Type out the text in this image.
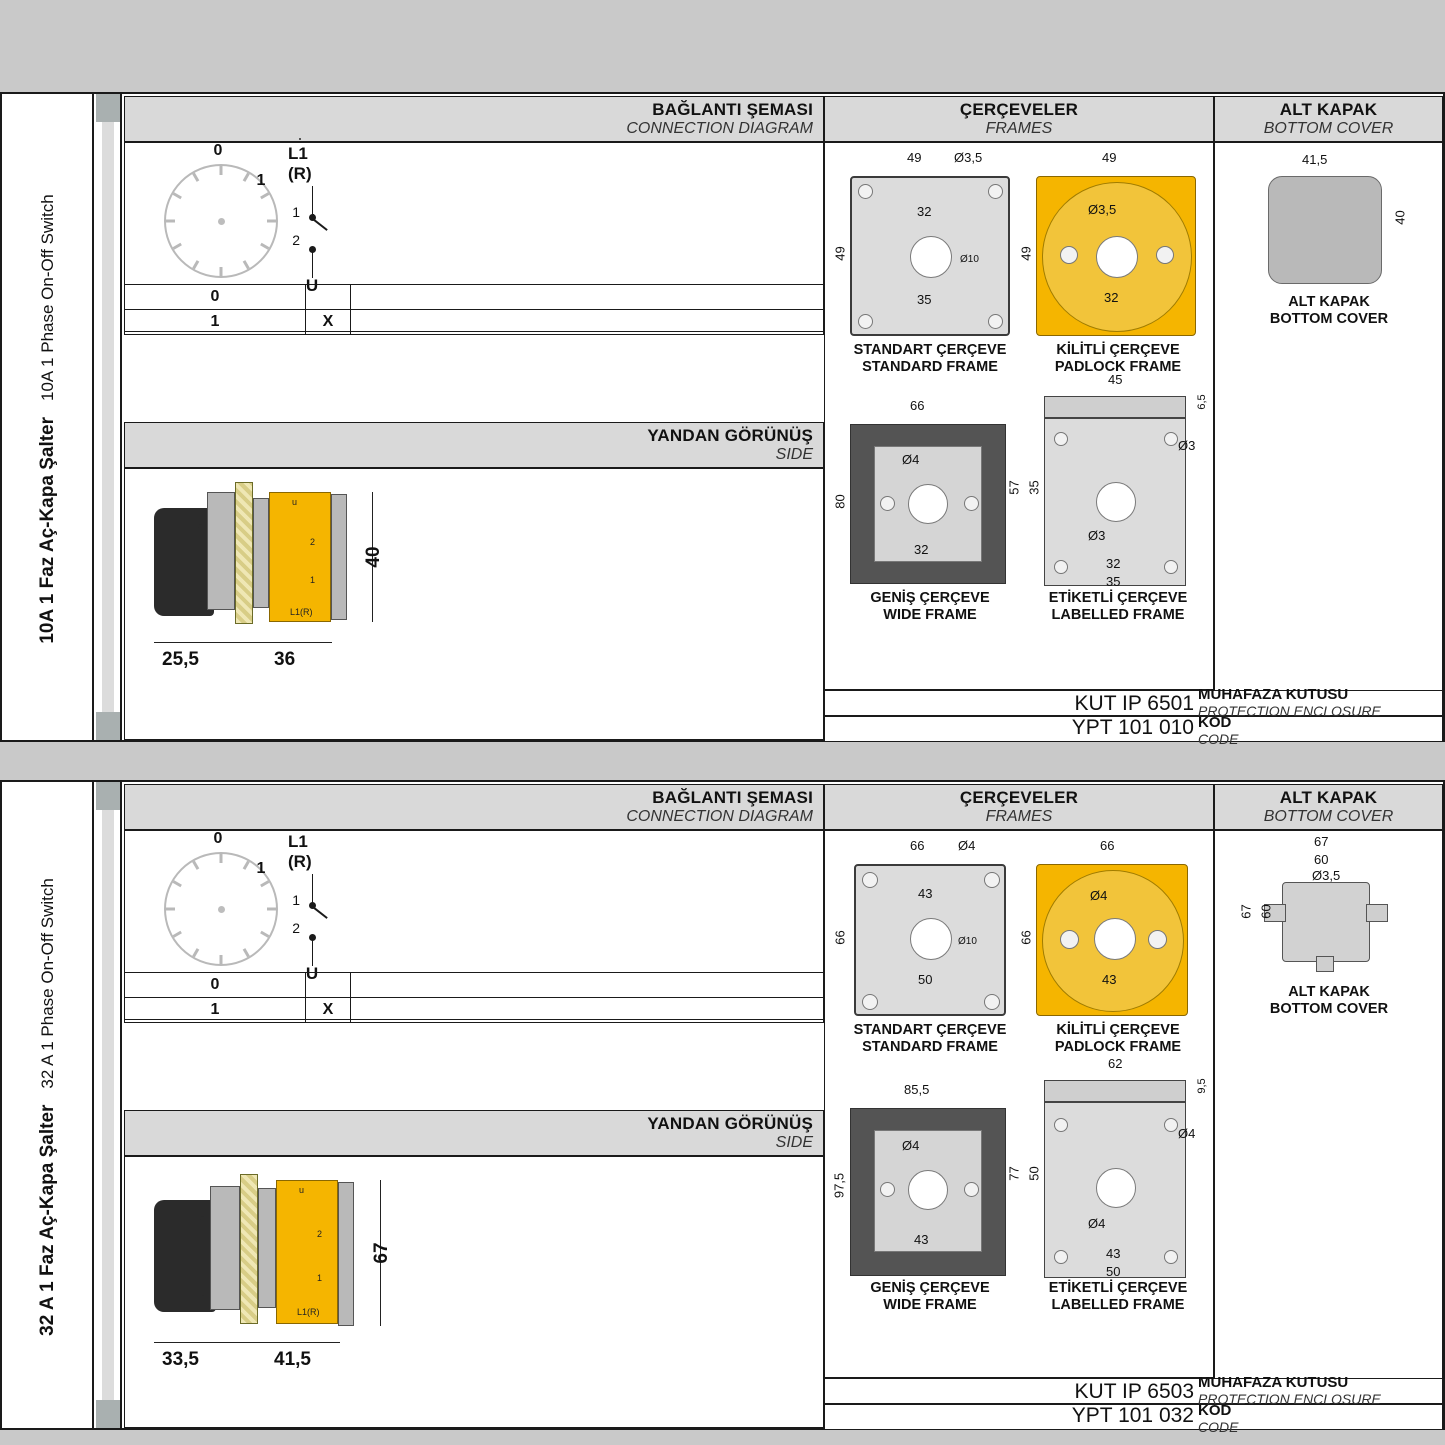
10A 1 Faz Aç-Kapa Şalter
10A 1 Phase On-Off Switch
BAĞLANTI ŞEMASI
CONNECTION DIAGRAM
ÇERÇEVELER
FRAMES
ALT KAPAK
BOTTOM COVER
0
1
L1
(R)
1
2
U
0		
1	X	
YANDAN GÖRÜNÜŞ
SIDE
u
2
1
L1(R)
40
25,5	36
49	Ø3,5
49
32
35
Ø10
STANDART ÇERÇEVE
STANDARD FRAME
49
Ø3,5
49
32
KİLİTLİ ÇERÇEVE
PADLOCK FRAME
66
80
Ø4
32
GENİŞ ÇERÇEVE
WIDE FRAME
45
6,5
Ø3
57 35
Ø3
32
35
ETİKETLİ ÇERÇEVE
LABELLED FRAME
41,5
40
ALT KAPAK
BOTTOM COVER
KUT IP 6501 MUHAFAZA KUTUSU
PROTECTION ENCLOSURE
YPT 101 010 KOD
CODE
32 A 1 Faz Aç-Kapa Şalter
32 A 1 Phase On-Off Switch
BAĞLANTI ŞEMASI
CONNECTION DIAGRAM
ÇERÇEVELER
FRAMES
ALT KAPAK
BOTTOM COVER
0
1
L1
(R)
1
2
U
0		
1	X	
YANDAN GÖRÜNÜŞ
SIDE
u
2
1
L1(R)
67
33,5	41,5
66	Ø4
66
43
50
Ø10
STANDART ÇERÇEVE
STANDARD FRAME
66
Ø4
66
43
KİLİTLİ ÇERÇEVE
PADLOCK FRAME
85,5
97,5
Ø4
43
GENİŞ ÇERÇEVE
WIDE FRAME
62
9,5
Ø4
77 50
Ø4
43
50
ETİKETLİ ÇERÇEVE
LABELLED FRAME
67
60
Ø3,5
67 60
ALT KAPAK
BOTTOM COVER
KUT IP 6503 MUHAFAZA KUTUSU
PROTECTION ENCLOSURE
YPT 101 032 KOD
CODE
